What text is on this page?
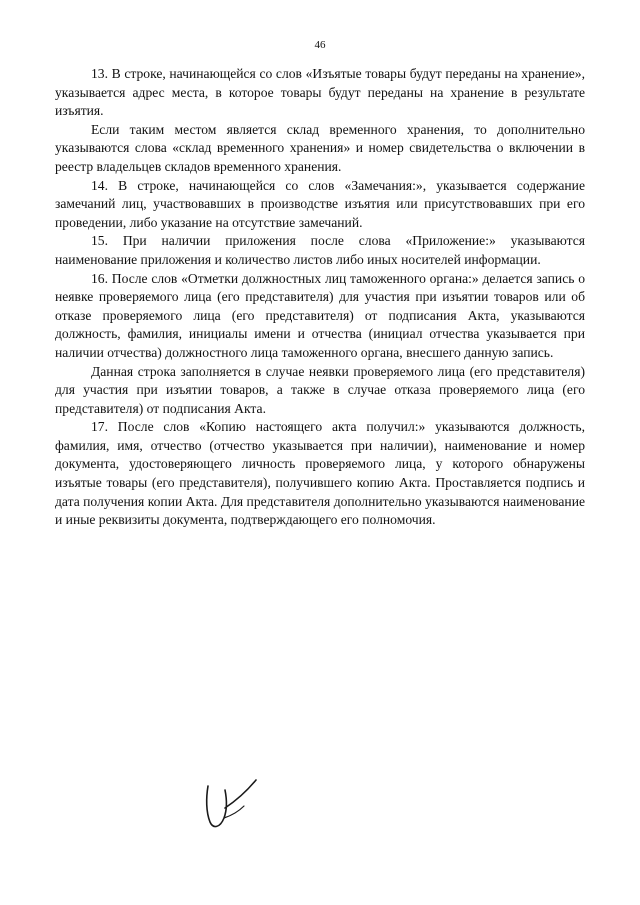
46

13. В строке, начинающейся со слов «Изъятые товары будут переданы на хранение», указывается адрес места, в которое товары будут переданы на хранение в результате изъятия.

Если таким местом является склад временного хранения, то дополнительно указываются слова «склад временного хранения» и номер свидетельства о включении в реестр владельцев складов временного хранения.

14. В строке, начинающейся со слов «Замечания:», указывается содержание замечаний лиц, участвовавших в производстве изъятия или присутствовавших при его проведении, либо указание на отсутствие замечаний.

15. При наличии приложения после слова «Приложение:» указываются наименование приложения и количество листов либо иных носителей информации.

16. После слов «Отметки должностных лиц таможенного органа:» делается запись о неявке проверяемого лица (его представителя) для участия при изъятии товаров или об отказе проверяемого лица (его представителя) от подписания Акта, указываются должность, фамилия, инициалы имени и отчества (инициал отчества указывается при наличии отчества) должностного лица таможенного органа, внесшего данную запись.

Данная строка заполняется в случае неявки проверяемого лица (его представителя) для участия при изъятии товаров, а также в случае отказа проверяемого лица (его представителя) от подписания Акта.

17. После слов «Копию настоящего акта получил:» указываются должность, фамилия, имя, отчество (отчество указывается при наличии), наименование и номер документа, удостоверяющего личность проверяемого лица, у которого обнаружены изъятые товары (его представителя), получившего копию Акта. Проставляется подпись и дата получения копии Акта. Для представителя дополнительно указываются наименование и иные реквизиты документа, подтверждающего его полномочия.
